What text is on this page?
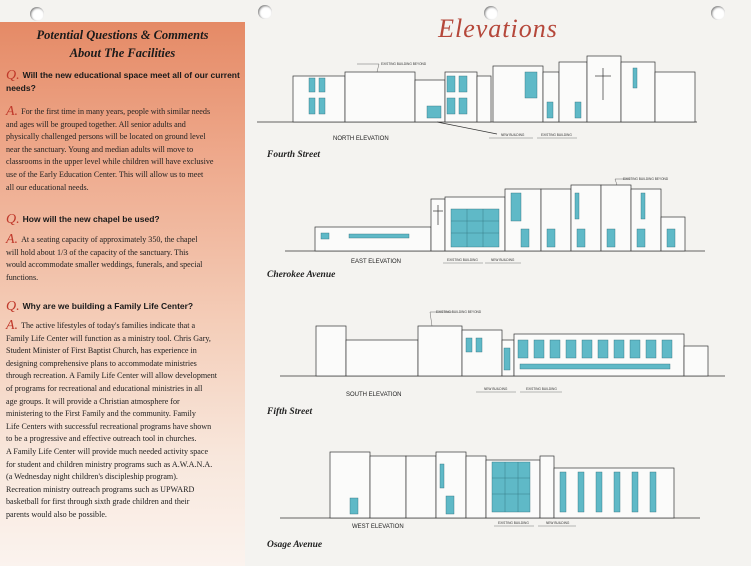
Potential Questions & Comments
About The Facilities
Q. Will the new educational space meet all of our current
needs?
A. For the first time in many years, people with similar needs
and ages will be grouped together. All senior adults and
physically challenged persons will be located on ground level
near the sanctuary. Young and median adults will move to
classrooms in the upper level while children will have exclusive
use of the Early Education Center. This will allow us to meet
all our educational needs.
Q. How will the new chapel be used?
A. At a seating capacity of approximately 350, the chapel
will hold about 1/3 of the capacity of the sanctuary. This
would accommodate smaller weddings, funerals, and special
functions.
Q. Why are we building a Family Life Center?
A. The active lifestyles of today's families indicate that a
Family Life Center will function as a ministry tool. Chris Gary,
Student Minister of First Baptist Church, has experience in
designing comprehensive plans to accommodate ministries
through recreation. A Family Life Center will allow development
of programs for recreational and educational ministries in all
age groups. It will provide a Christian atmosphere for
ministering to the First Family and the community. Family
Life Centers with successful recreational programs have shown
to be a progressive and effective outreach tool in churches.
A Family Life Center will provide much needed activity space
for student and children ministry programs such as A.W.A.N.A.
(a Wednesday night children's discipleship program).
Recreation ministry outreach programs such as UPWARD
basketball for first through sixth grade children and their
parents would also be possible.
Elevations
EXISTING BUILDING BEYOND
NORTH ELEVATION
NEW BUILDING	EXISTING BUILDING
Fourth Street
EXISTING BUILDING BEYOND
EAST ELEVATION	EXISTING BUILDING	NEW BUILDING
Cherokee Avenue
EXISTING BUILDING BEYOND
SOUTH ELEVATION
NEW BUILDING	EXISTING BUILDING
Fifth Street
WEST ELEVATION
EXISTING BUILDING	NEW BUILDING
Osage Avenue
